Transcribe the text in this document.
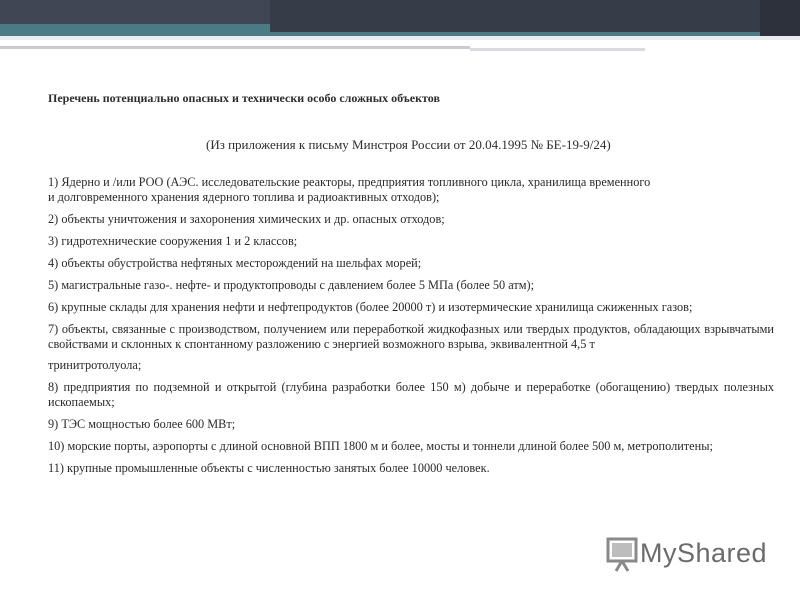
Перечень потенциально опасных и технически особо сложных объектов
(Из приложения к письму Минстроя России от 20.04.1995 № БЕ-19-9/24)
1) Ядерно и /или РОО (АЭС. исследовательские реакторы, предприятия топливного цикла, хранилища временного
и долговременного хранения ядерного топлива и радиоактивных отходов);
2) объекты уничтожения и захоронения химических и др. опасных отходов;
3) гидротехнические сооружения 1 и 2 классов;
4) объекты обустройства нефтяных месторождений на шельфах морей;
5) магистральные газо-. нефте- и продуктопроводы с давлением более 5 МПа (более 50 атм);
6) крупные склады для хранения нефти и нефтепродуктов (более 20000 т) и изотермические хранилища сжиженных газов;
7) объекты, связанные с производством, получением или переработкой жидкофазных или твердых продуктов, обладающих взрывчатыми свойствами и склонных к спонтанному разложению с энергией возможного взрыва, эквивалентной 4,5 т
тринитротолуола;
8) предприятия по подземной и открытой (глубина разработки более 150 м) добыче и переработке (обогащению) твердых полезных ископаемых;
9) ТЭС мощностью более 600 МВт;
10) морские порты, аэропорты с длиной основной ВПП 1800 м и более, мосты и тоннели длиной более 500 м, метрополитены;
11) крупные промышленные объекты с численностью занятых более 10000 человек.
MyShared
